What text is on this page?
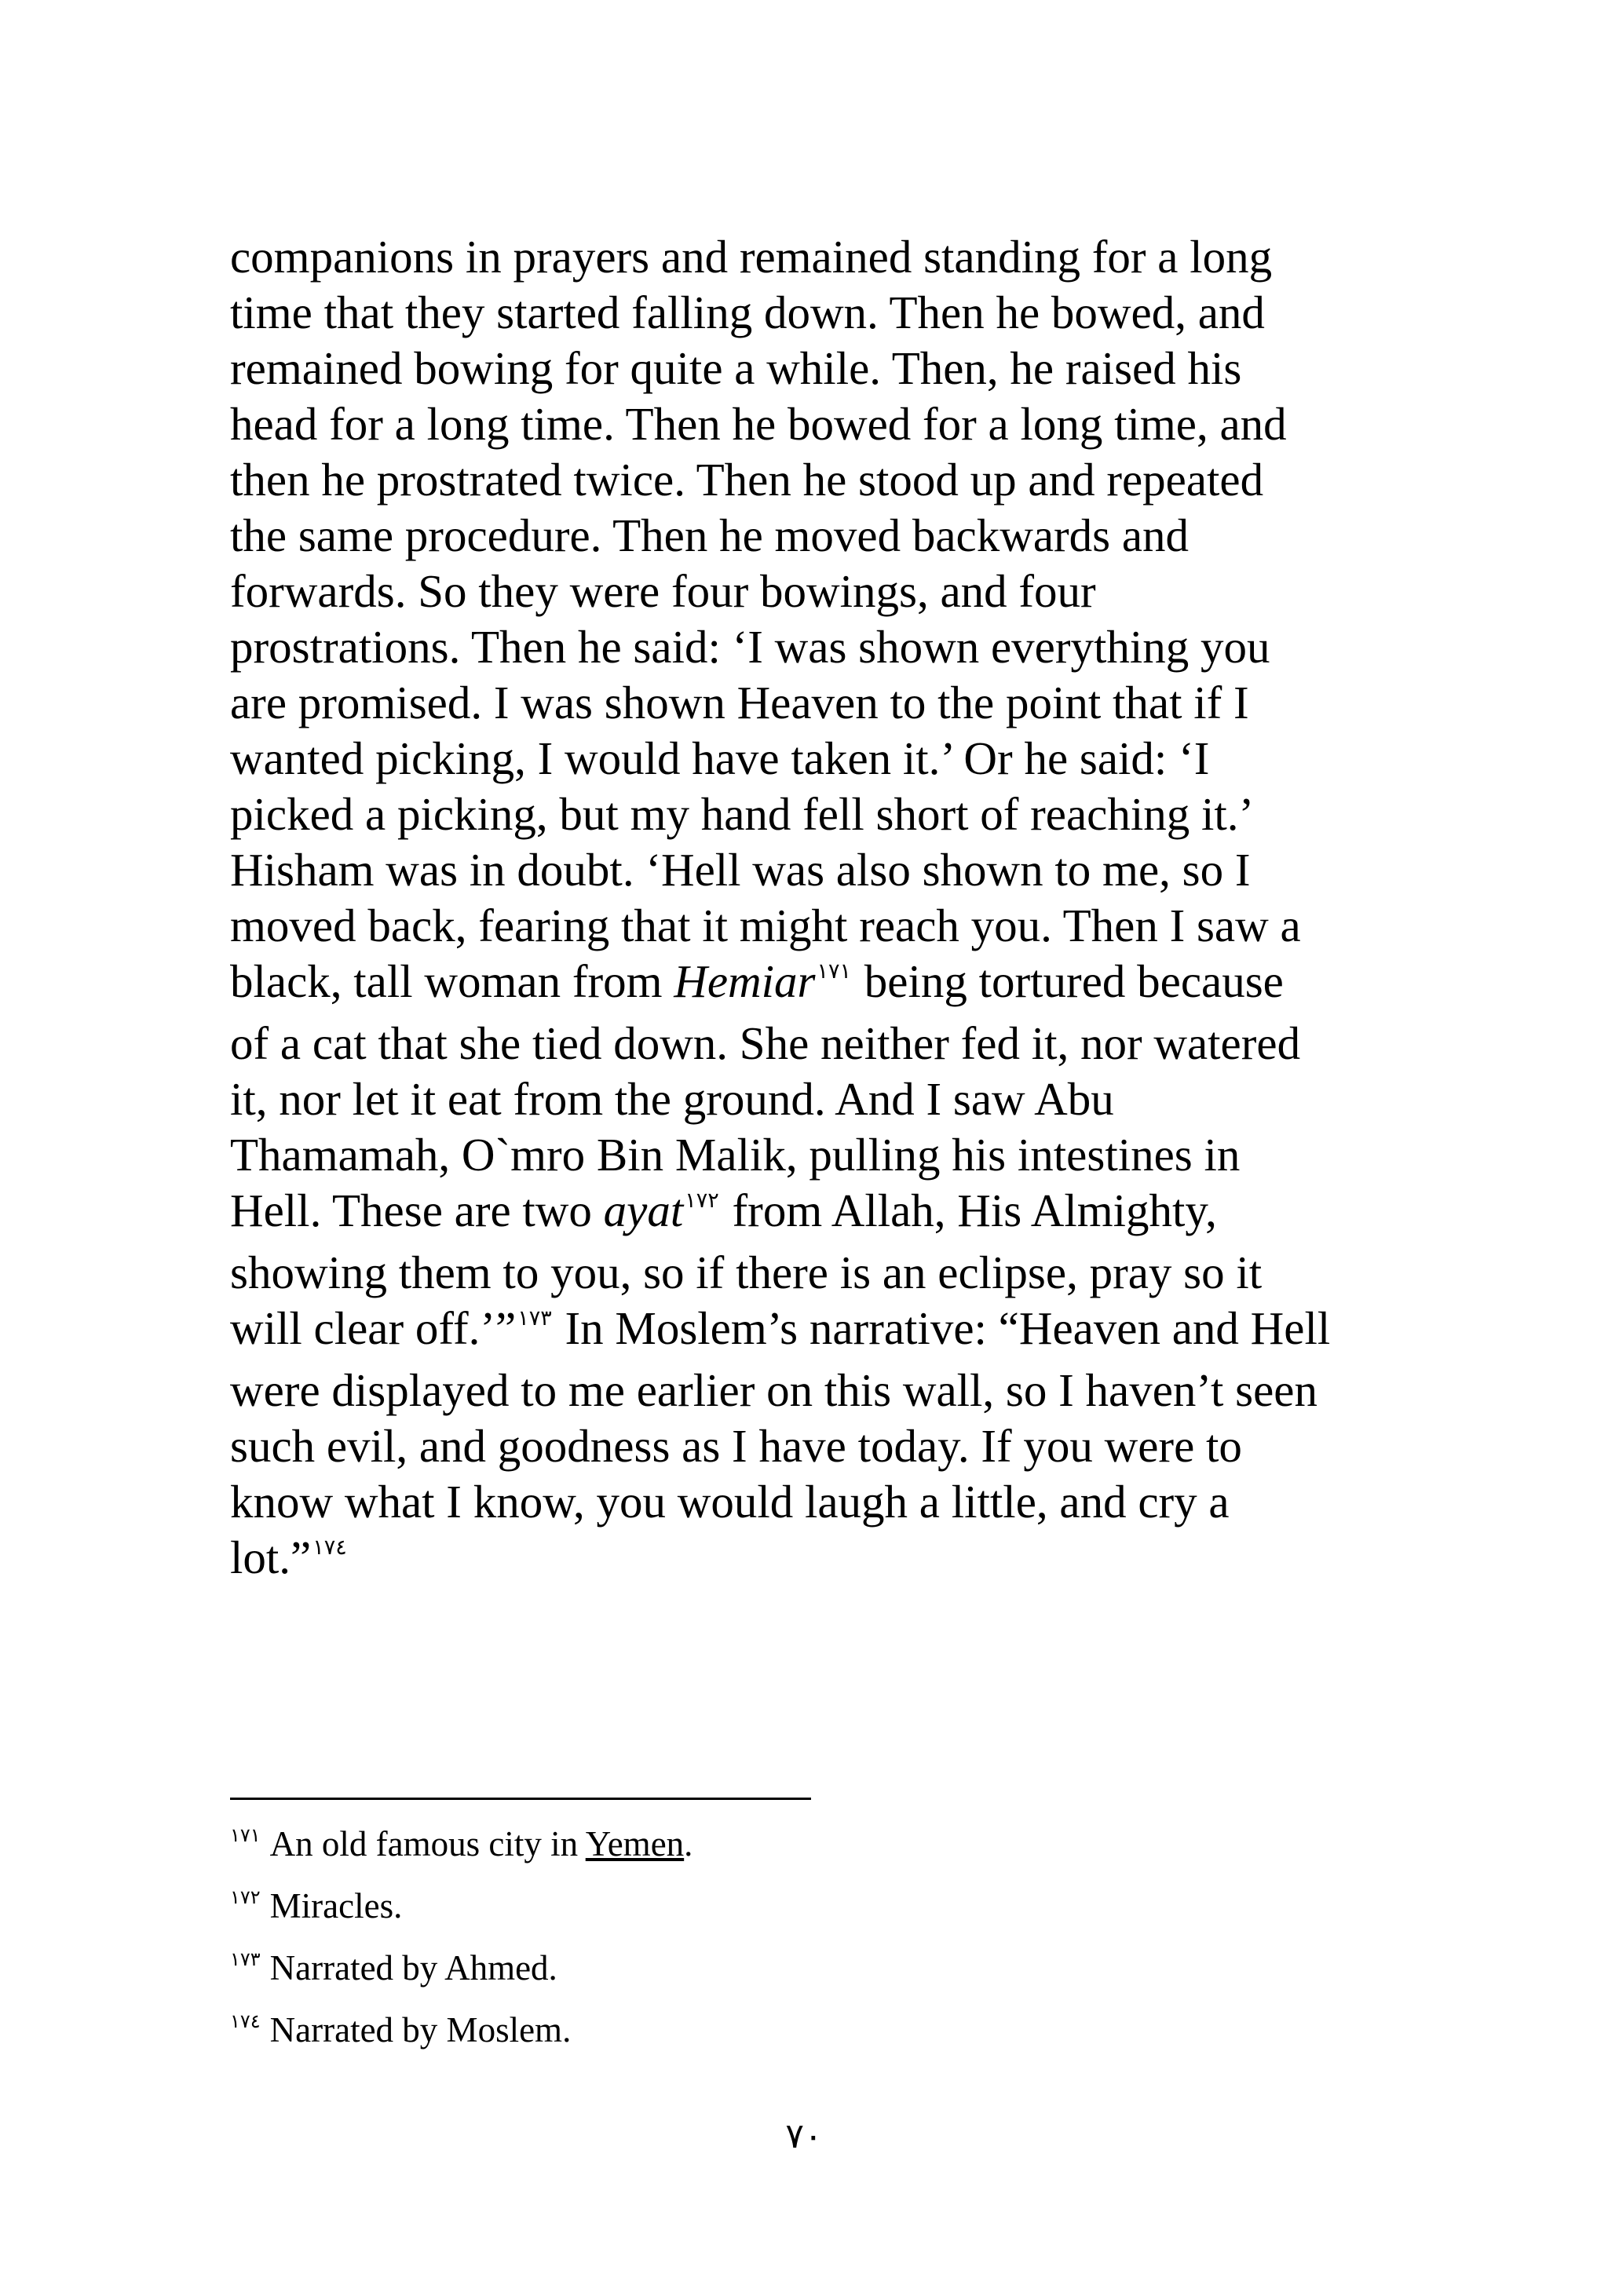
companions in prayers and remained standing for a long
time that they started falling down. Then he bowed, and
remained bowing for quite a while. Then, he raised his
head for a long time. Then he bowed for a long time, and
then he prostrated twice. Then he stood up and repeated
the same procedure. Then he moved backwards and
forwards. So they were four bowings, and four
prostrations. Then he said: ‘I was shown everything you
are promised. I was shown Heaven to the point that if I
wanted picking, I would have taken it.’ Or he said: ‘I
picked a picking, but my hand fell short of reaching it.’
Hisham was in doubt. ‘Hell was also shown to me, so I
moved back, fearing that it might reach you. Then I saw a
black, tall woman from Hemiar$^{١٧١}$ being tortured because
of a cat that she tied down. She neither fed it, nor watered
it, nor let it eat from the ground. And I saw Abu
Thamamah, O`mro Bin Malik, pulling his intestines in
Hell. These are two ayat$^{١٧٢}$ from Allah, His Almighty,
showing them to you, so if there is an eclipse, pray so it
will clear off.’”$^{١٧٣}$ In Moslem’s narrative: “Heaven and Hell
were displayed to me earlier on this wall, so I haven’t seen
such evil, and goodness as I have today. If you were to
know what I know, you would laugh a little, and cry a
lot.”$^{١٧٤}$
$^{١٧١}$ An old famous city in Yemen.
$^{١٧٢}$ Miracles.
$^{١٧٣}$ Narrated by Ahmed.
$^{١٧٤}$ Narrated by Moslem.
٧٠
